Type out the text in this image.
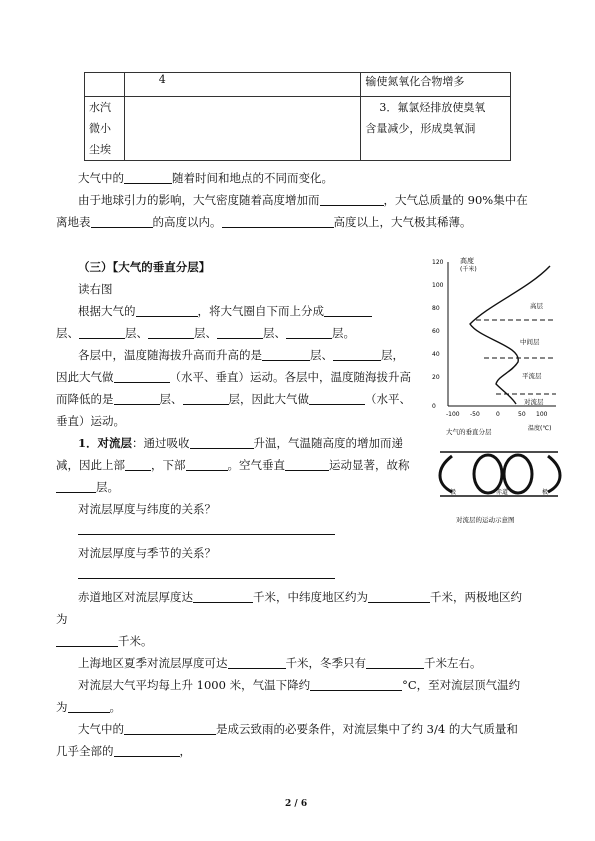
	4	输使氮氧化合物增多

水汽
微小
尘埃		3．氟氯烃排放使臭氧
含量减少，形成臭氧洞
大气中的	随着时间和地点的不同而变化。
由于地球引力的影响，大气密度随着高度增加而	，大气总质量的 90%集中在
离地表	的高度以内。	高度以上，大气极其稀薄。
（三）【大气的垂直分层】
读右图
根据大气的	，将大气圈自下而上分成
层、	层、	层、	层、	层。
各层中，温度随海拔升高而升高的是	层、	层，
因此大气做	（水平、垂直）运动。各层中，温度随海拔升高
而降低的是	层、	层，因此大气做	（水平、
垂直）运动。
1．对流层：通过吸收	升温，气温随高度的增加而递
减，因此上部 ，下部	。空气垂直	运动显著，故称
层。
对流层厚度与纬度的关系？
对流层厚度与季节的关系？
赤道地区对流层厚度达	千米，中纬度地区约为	千米，两极地区约
为
千米。
上海地区夏季对流层厚度可达	千米，冬季只有	千米左右。
对流层大气平均每上升 1000 米，气温下降约	°C，至对流层顶气温约
为	。
大气中的	是成云致雨的必要条件，对流层集中了约 3/4 的大气质量和
几乎全部的	，
高度
(千米)
120
100
80
60
40
20
0
-100 -50	0	50 100
温度(℃)
高层
中间层
平流层
对流层
大气的垂直分层
极	赤道	极
对流层的运动示意图
2 / 6
